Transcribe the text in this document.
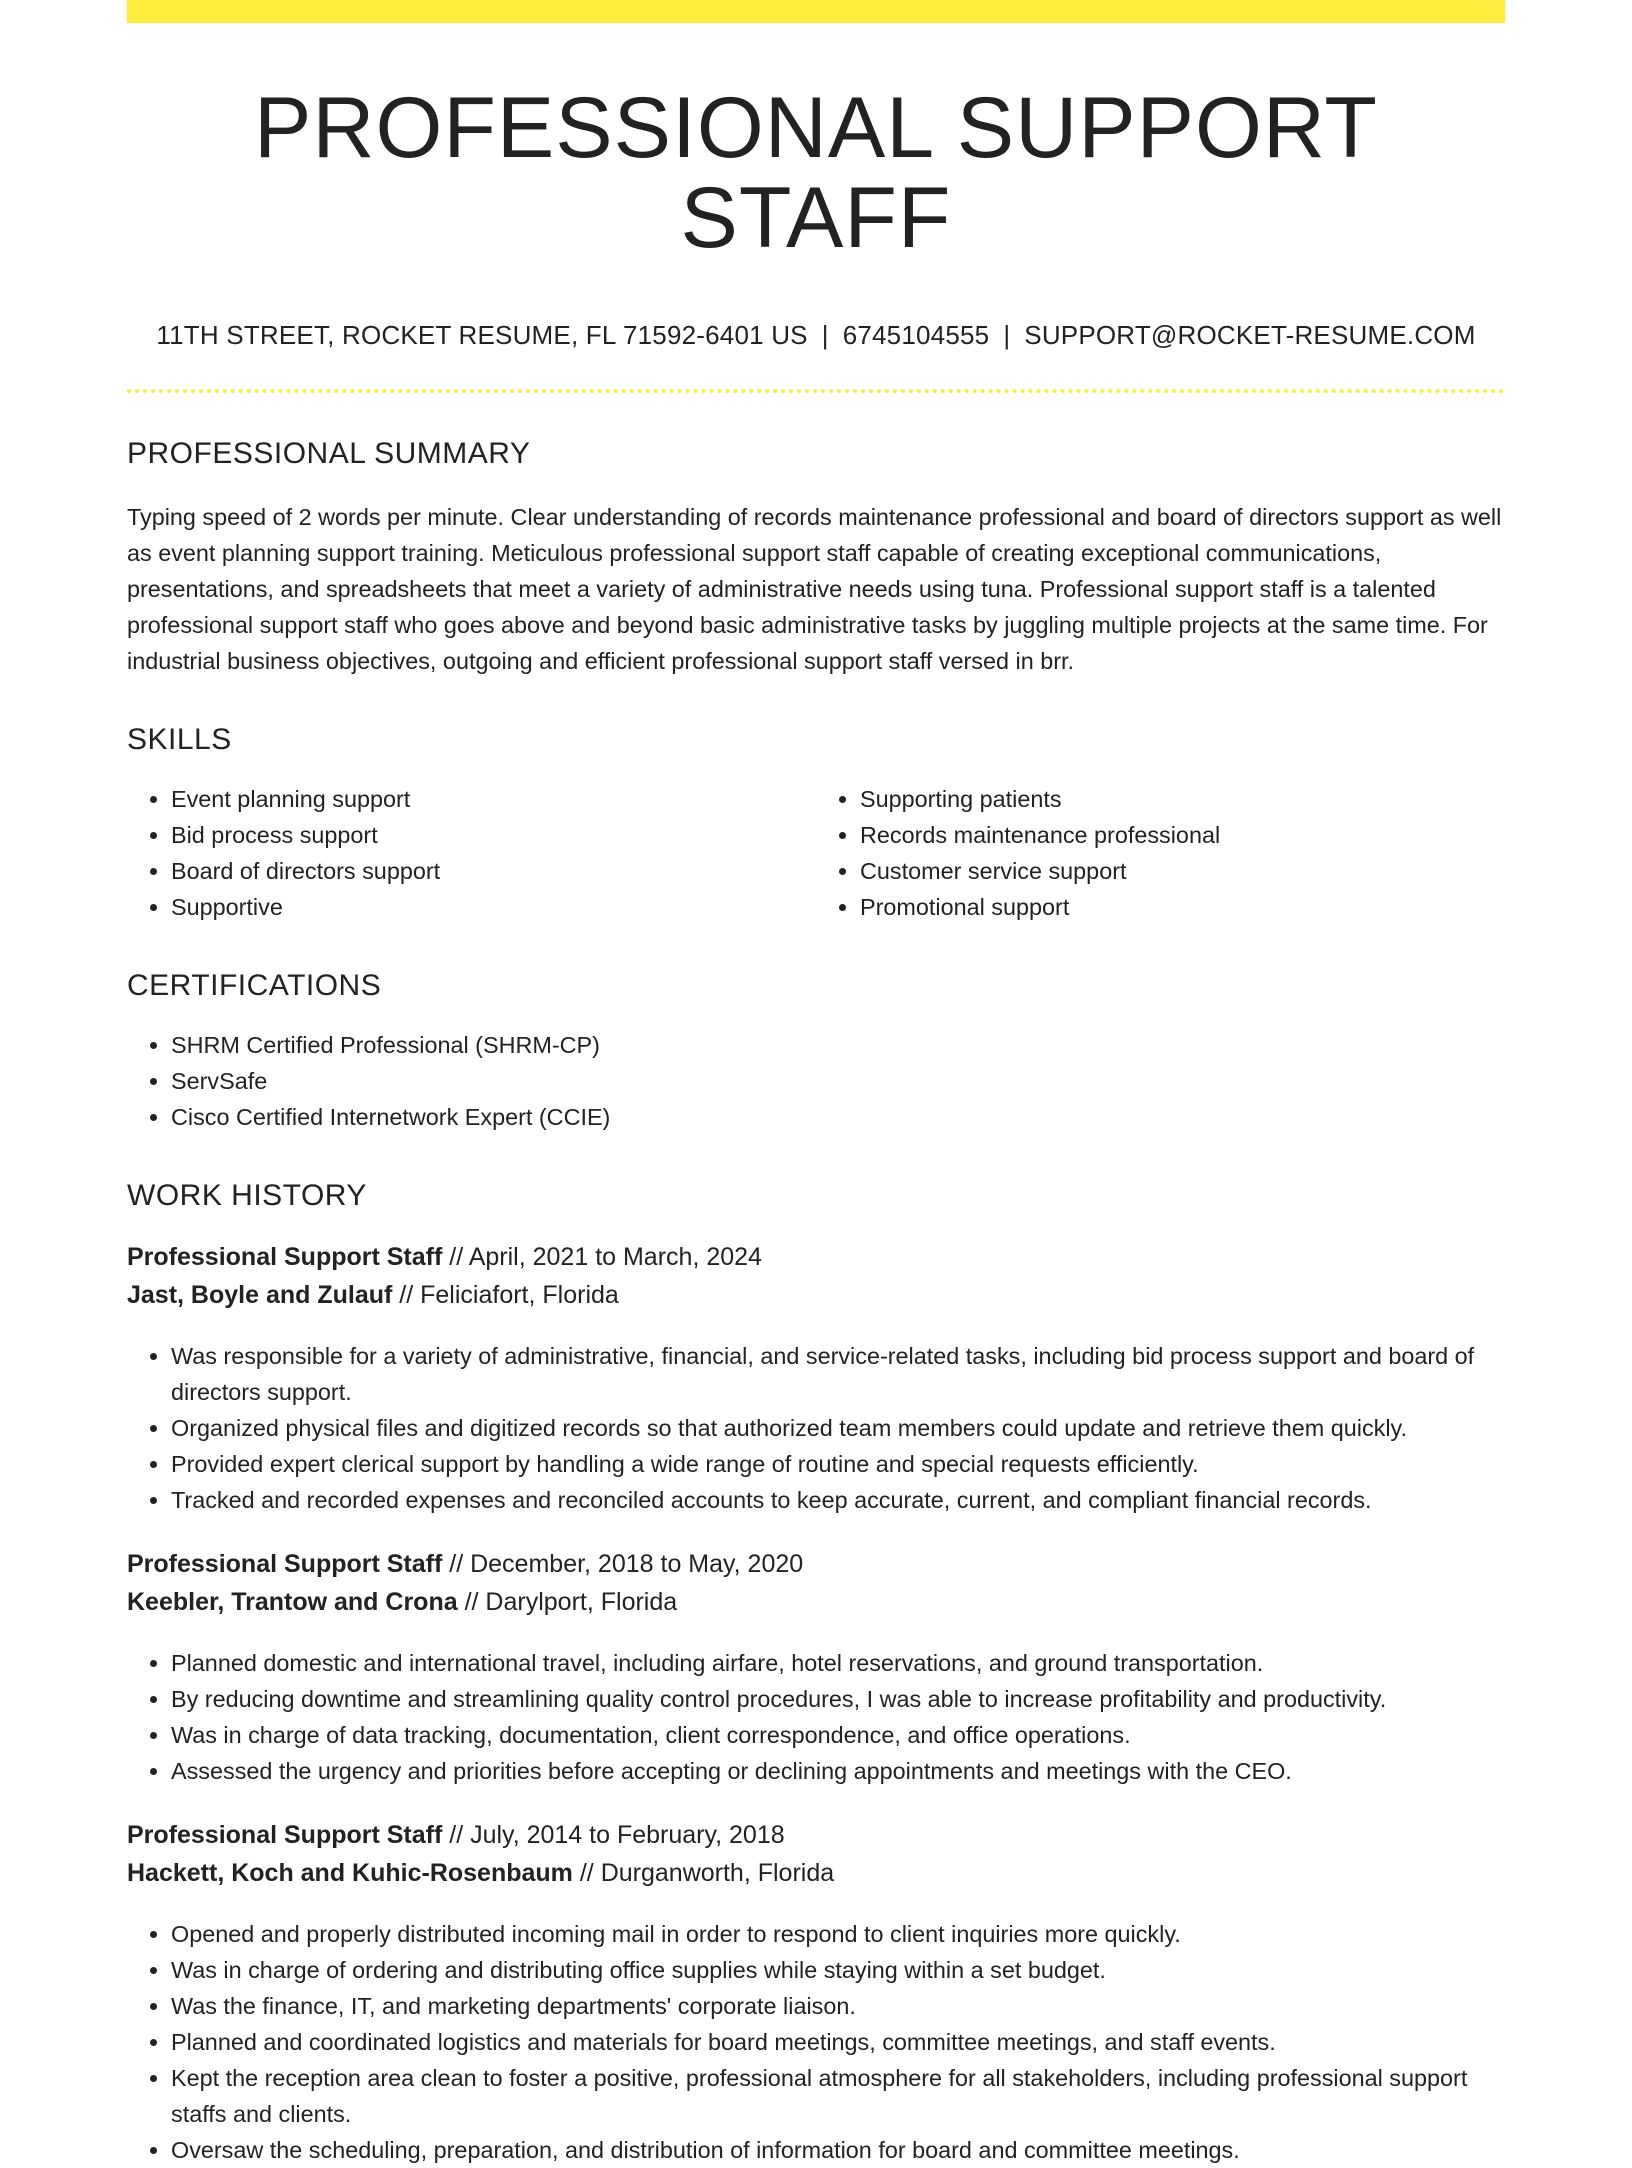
PROFESSIONAL SUPPORT STAFF
11TH STREET, ROCKET RESUME, FL 71592-6401 US | 6745104555 | SUPPORT@ROCKET-RESUME.COM
PROFESSIONAL SUMMARY
Typing speed of 2 words per minute. Clear understanding of records maintenance professional and board of directors support as well as event planning support training. Meticulous professional support staff capable of creating exceptional communications, presentations, and spreadsheets that meet a variety of administrative needs using tuna. Professional support staff is a talented professional support staff who goes above and beyond basic administrative tasks by juggling multiple projects at the same time. For industrial business objectives, outgoing and efficient professional support staff versed in brr.
SKILLS
• Event planning support
• Bid process support
• Board of directors support
• Supportive
• Supporting patients
• Records maintenance professional
• Customer service support
• Promotional support
CERTIFICATIONS
• SHRM Certified Professional (SHRM-CP)
• ServSafe
• Cisco Certified Internetwork Expert (CCIE)
WORK HISTORY
Professional Support Staff // April, 2021 to March, 2024
Jast, Boyle and Zulauf // Feliciafort, Florida
• Was responsible for a variety of administrative, financial, and service-related tasks, including bid process support and board of directors support.
• Organized physical files and digitized records so that authorized team members could update and retrieve them quickly.
• Provided expert clerical support by handling a wide range of routine and special requests efficiently.
• Tracked and recorded expenses and reconciled accounts to keep accurate, current, and compliant financial records.
Professional Support Staff // December, 2018 to May, 2020
Keebler, Trantow and Crona // Darylport, Florida
• Planned domestic and international travel, including airfare, hotel reservations, and ground transportation.
• By reducing downtime and streamlining quality control procedures, I was able to increase profitability and productivity.
• Was in charge of data tracking, documentation, client correspondence, and office operations.
• Assessed the urgency and priorities before accepting or declining appointments and meetings with the CEO.
Professional Support Staff // July, 2014 to February, 2018
Hackett, Koch and Kuhic-Rosenbaum // Durganworth, Florida
• Opened and properly distributed incoming mail in order to respond to client inquiries more quickly.
• Was in charge of ordering and distributing office supplies while staying within a set budget.
• Was the finance, IT, and marketing departments' corporate liaison.
• Planned and coordinated logistics and materials for board meetings, committee meetings, and staff events.
• Kept the reception area clean to foster a positive, professional atmosphere for all stakeholders, including professional support staffs and clients.
• Oversaw the scheduling, preparation, and distribution of information for board and committee meetings.
